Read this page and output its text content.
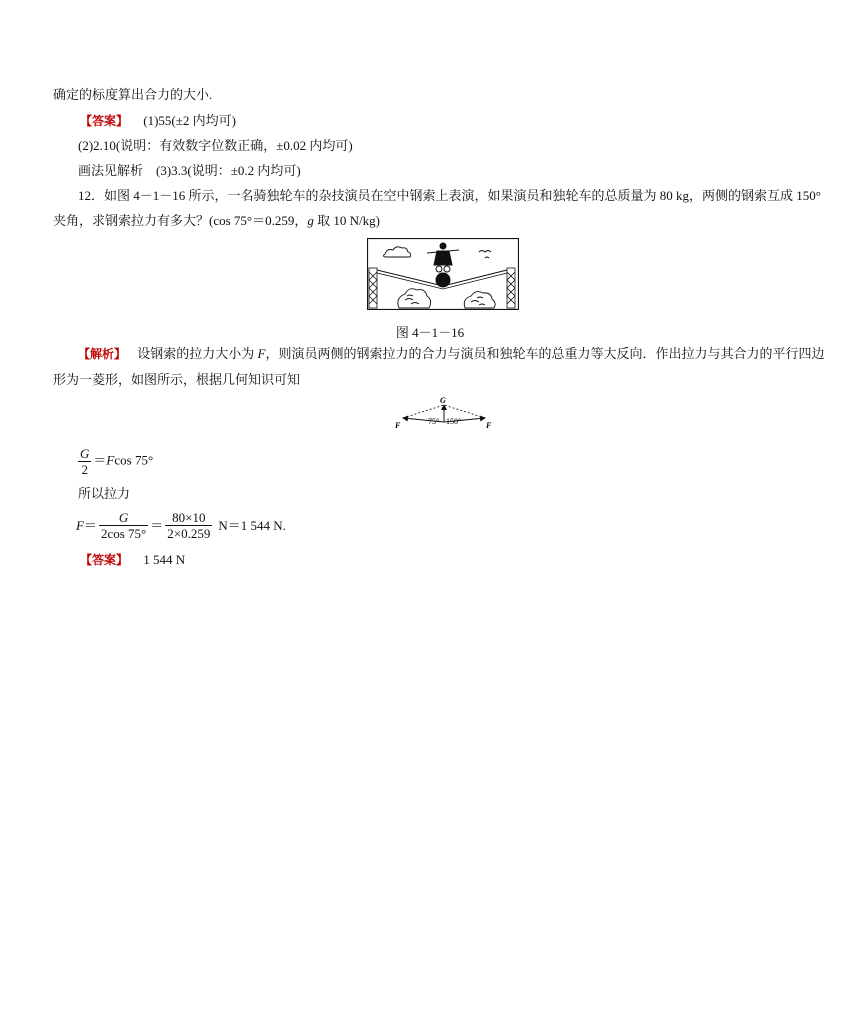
确定的标度算出合力的大小.
【答案】 (1)55(±2 内均可)
(2)2.10(说明：有效数字位数正确，±0.02 内均可)
画法见解析　(3)3.3(说明：±0.2 内均可)
12．如图 4－1－16 所示，一名骑独轮车的杂技演员在空中钢索上表演，如果演员和独轮车的总质量为 80 kg，两侧的钢索互成 150°
夹角，求钢索拉力有多大？(cos 75°＝0.259，g 取 10 N/kg)
图 4－1－16
【解析】 设钢索的拉力大小为 F，则演员两侧的钢索拉力的合力与演员和独轮车的总重力等大反向．作出拉力与其合力的平行四边
形为一菱形，如图所示，根据几何知识可知
G
F	F
75° 150°
$\frac{G}{2} =Fcos$ 75°
所以拉力
$F= \frac{G}{2\cos 75^\circ} = \frac{80\times 10}{2\times 0.259} N=1$ 544 N.
【答案】 1 544 N
